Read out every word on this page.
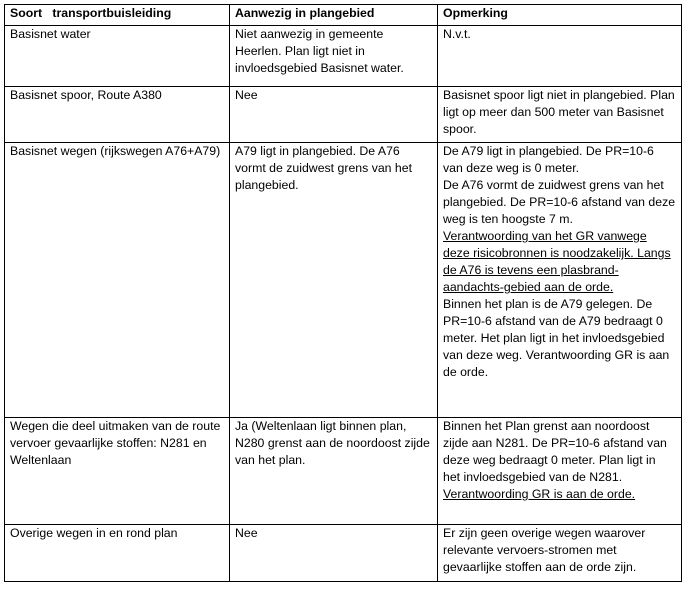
Soort   transportbuisleiding	Aanwezig in plangebied	Opmerking
Basisnet water	Niet aanwezig in gemeente Heerlen. Plan ligt niet in invloedsgebied Basisnet water.	N.v.t.

Basisnet spoor, Route A380	Nee	Basisnet spoor ligt niet in plangebied. Plan ligt op meer dan 500 meter van Basisnet spoor.

Basisnet wegen (rijkswegen A76+A79)	A79 ligt in plangebied. De A76 vormt de zuidwest grens van het plangebied.	De A79 ligt in plangebied. De PR=10-6 van deze weg is 0 meter.
De A76 vormt de zuidwest grens van het plangebied. De PR=10-6 afstand van deze weg is ten hoogste 7 m.
Verantwoording van het GR vanwege deze risicobronnen is noodzakelijk. Langs de A76 is tevens een plasbrand-aandachts-gebied aan de orde.
Binnen het plan is de A79 gelegen. De PR=10-6 afstand van de A79 bedraagt 0 meter. Het plan ligt in het invloedsgebied van deze weg. Verantwoording GR is aan de orde.

Wegen die deel uitmaken van de route vervoer gevaarlijke stoffen: N281 en Weltenlaan	Ja (Weltenlaan ligt binnen plan, N280 grenst aan de noordoost zijde van het plan.	Binnen het Plan grenst aan noordoost zijde aan N281. De PR=10-6 afstand van deze weg bedraagt 0 meter. Plan ligt in het invloedsgebied van de N281.
Verantwoording GR is aan de orde.

Overige wegen in en rond plan	Nee	Er zijn geen overige wegen waarover relevante vervoers-stromen met gevaarlijke stoffen aan de orde zijn.
